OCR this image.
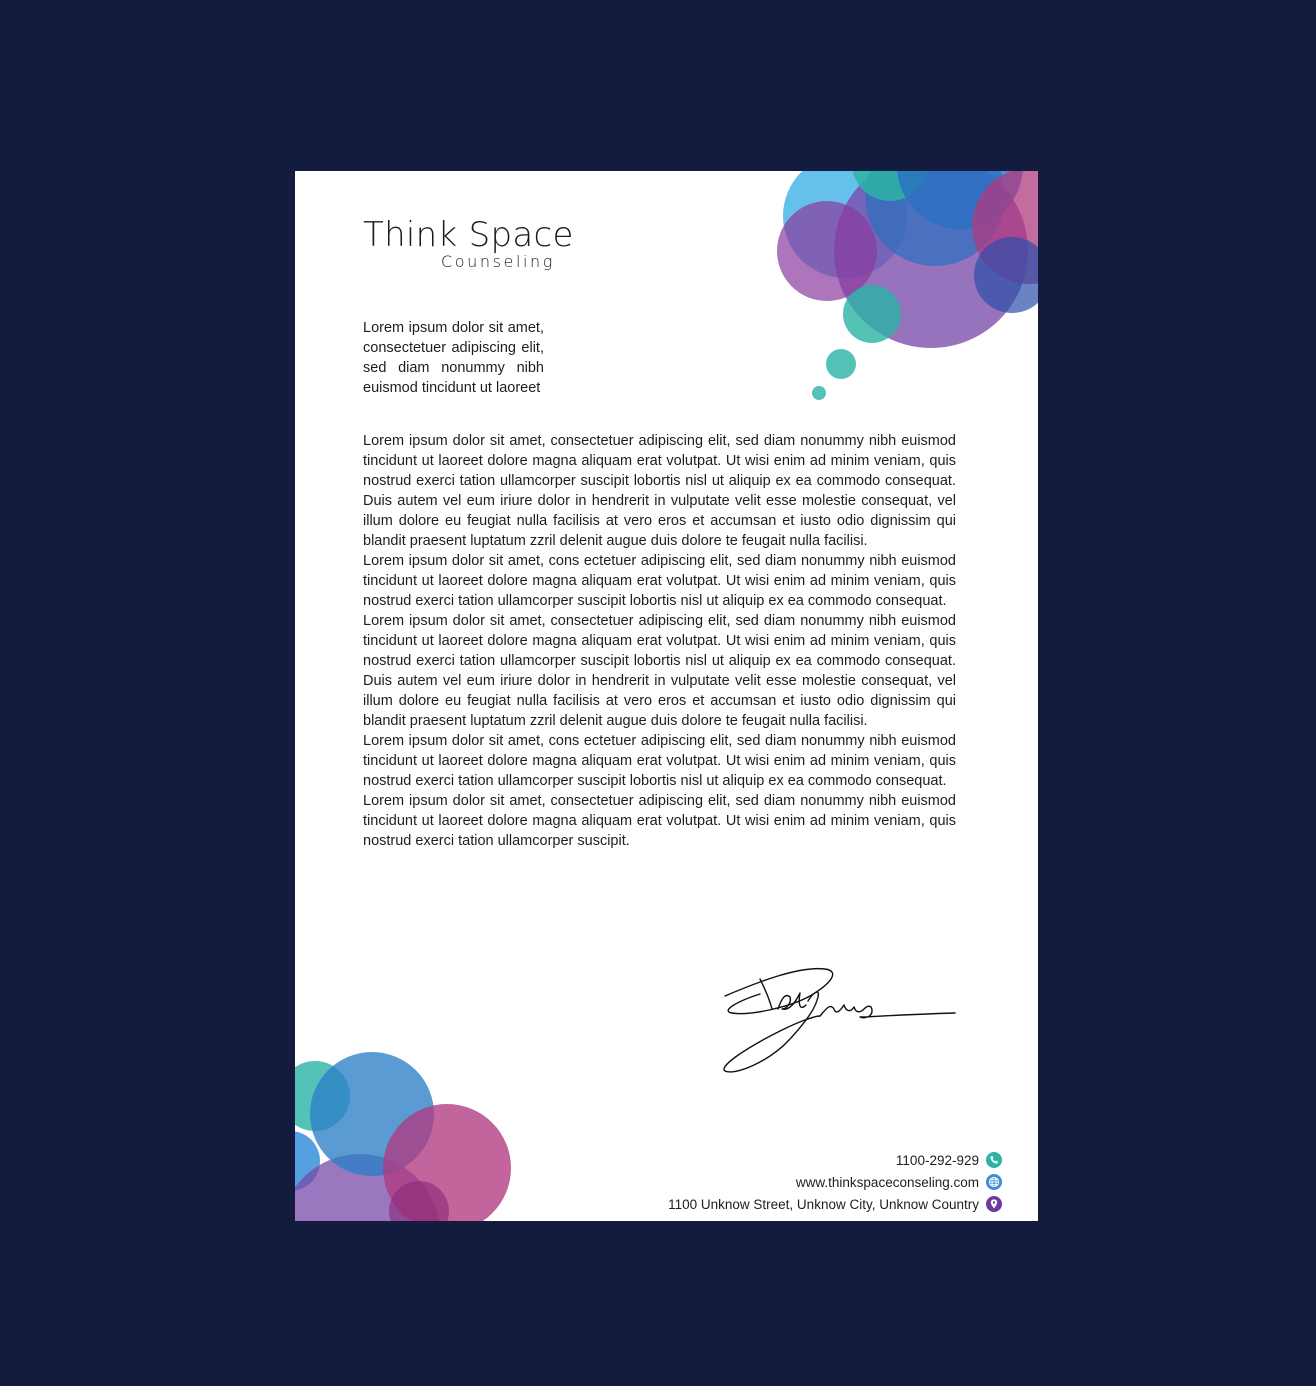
Think Space
Counseling
Lorem ipsum dolor sit amet, consectetuer adipiscing elit, sed diam nonummy nibh euismod tincidunt ut laoreet

Lorem ipsum dolor sit amet, consectetuer adipiscing elit, sed diam nonummy nibh euismod tincidunt ut laoreet dolore magna aliquam erat volutpat. Ut wisi enim ad minim veniam, quis nostrud exerci tation ullamcorper suscipit lobortis nisl ut aliquip ex ea commodo consequat. Duis autem vel eum iriure dolor in hendrerit in vulputate velit esse molestie consequat, vel illum dolore eu feugiat nulla facilisis at vero eros et accumsan et iusto odio dignissim qui blandit praesent luptatum zzril delenit augue duis dolore te feugait nulla facilisi.

Lorem ipsum dolor sit amet, cons ectetuer adipiscing elit, sed diam nonummy nibh euismod tincidunt ut laoreet dolore magna aliquam erat volutpat. Ut wisi enim ad minim veniam, quis nostrud exerci tation ullamcorper suscipit lobortis nisl ut aliquip ex ea commodo consequat.

Lorem ipsum dolor sit amet, consectetuer adipiscing elit, sed diam nonummy nibh euismod tincidunt ut laoreet dolore magna aliquam erat volutpat. Ut wisi enim ad minim veniam, quis nostrud exerci tation ullamcorper suscipit lobortis nisl ut aliquip ex ea commodo consequat. Duis autem vel eum iriure dolor in hendrerit in vulputate velit esse molestie consequat, vel illum dolore eu feugiat nulla facilisis at vero eros et accumsan et iusto odio dignissim qui blandit praesent luptatum zzril delenit augue duis dolore te feugait nulla facilisi.

Lorem ipsum dolor sit amet, cons ectetuer adipiscing elit, sed diam nonummy nibh euismod tincidunt ut laoreet dolore magna aliquam erat volutpat. Ut wisi enim ad minim veniam, quis nostrud exerci tation ullamcorper suscipit lobortis nisl ut aliquip ex ea commodo consequat.

Lorem ipsum dolor sit amet, consectetuer adipiscing elit, sed diam nonummy nibh euismod tincidunt ut laoreet dolore magna aliquam erat volutpat. Ut wisi enim ad minim veniam, quis nostrud exerci tation ullamcorper suscipit.

1100-292-929
www.thinkspaceconseling.com
1100 Unknow Street, Unknow City, Unknow Country
